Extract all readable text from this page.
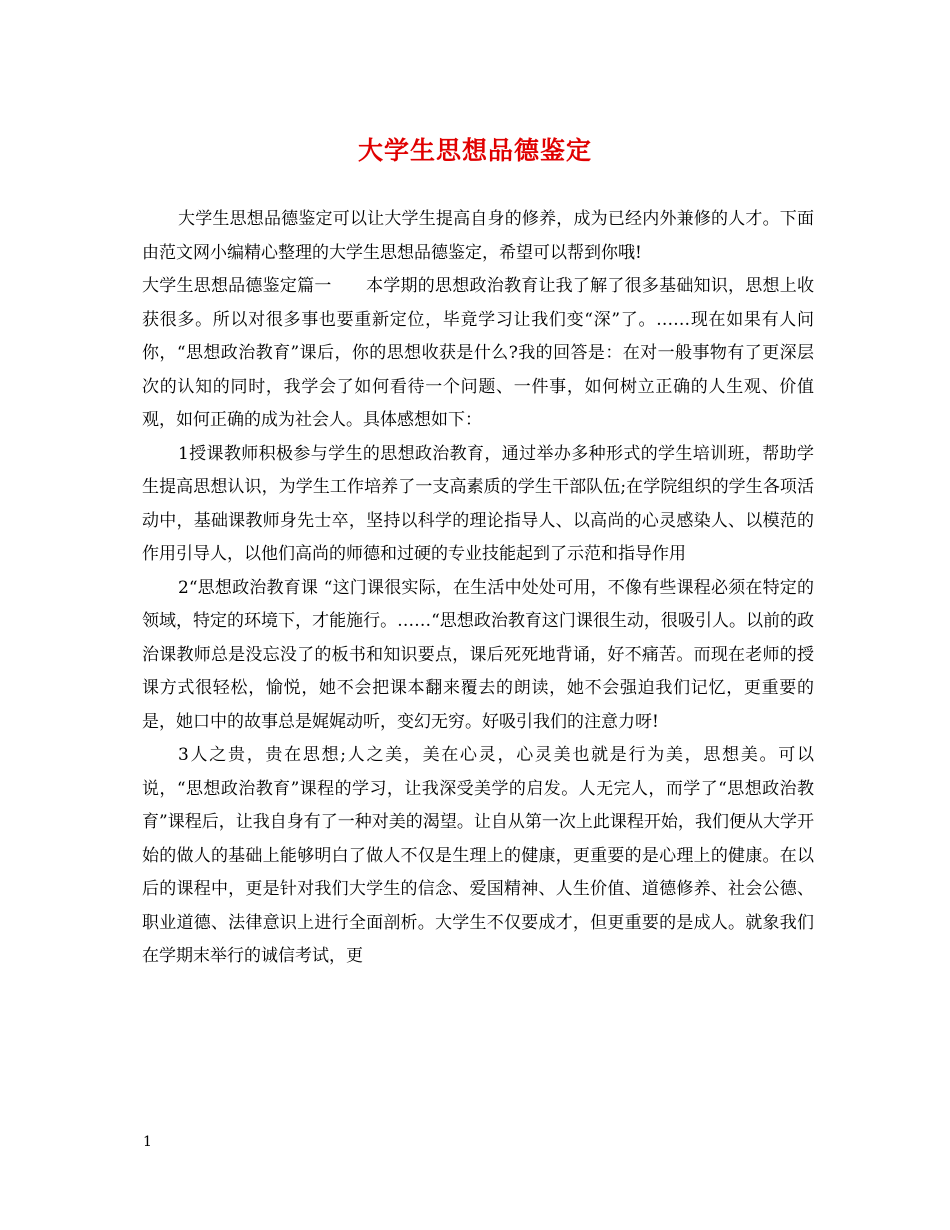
大学生思想品德鉴定

大学生思想品德鉴定可以让大学生提高自身的修养，成为已经内外兼修的人才。下面由范文网小编精心整理的大学生思想品德鉴定，希望可以帮到你哦!

大学生思想品德鉴定篇一　　本学期的思想政治教育让我了解了很多基础知识，思想上收获很多。所以对很多事也要重新定位，毕竟学习让我们变“深”了。……现在如果有人问你，“思想政治教育”课后，你的思想收获是什么?我的回答是：在对一般事物有了更深层次的认知的同时，我学会了如何看待一个问题、一件事，如何树立正确的人生观、价值观，如何正确的成为社会人。具体感想如下：

1授课教师积极参与学生的思想政治教育，通过举办多种形式的学生培训班，帮助学生提高思想认识，为学生工作培养了一支高素质的学生干部队伍;在学院组织的学生各项活动中，基础课教师身先士卒，坚持以科学的理论指导人、以高尚的心灵感染人、以模范的作用引导人，以他们高尚的师德和过硬的专业技能起到了示范和指导作用

2“思想政治教育课 “这门课很实际，在生活中处处可用，不像有些课程必须在特定的领域，特定的环境下，才能施行。……“思想政治教育这门课很生动，很吸引人。以前的政治课教师总是没忘没了的板书和知识要点，课后死死地背诵，好不痛苦。而现在老师的授课方式很轻松，愉悦，她不会把课本翻来覆去的朗读，她不会强迫我们记忆，更重要的是，她口中的故事总是娓娓动听，变幻无穷。好吸引我们的注意力呀!

3人之贵，贵在思想;人之美，美在心灵，心灵美也就是行为美，思想美。可以说，“思想政治教育”课程的学习，让我深受美学的启发。人无完人，而学了“思想政治教育”课程后，让我自身有了一种对美的渴望。让自从第一次上此课程开始，我们便从大学开始的做人的基础上能够明白了做人不仅是生理上的健康，更重要的是心理上的健康。在以后的课程中，更是针对我们大学生的信念、爱国精神、人生价值、道德修养、社会公德、职业道德、法律意识上进行全面剖析。大学生不仅要成才，但更重要的是成人。就象我们在学期末举行的诚信考试，更

1
